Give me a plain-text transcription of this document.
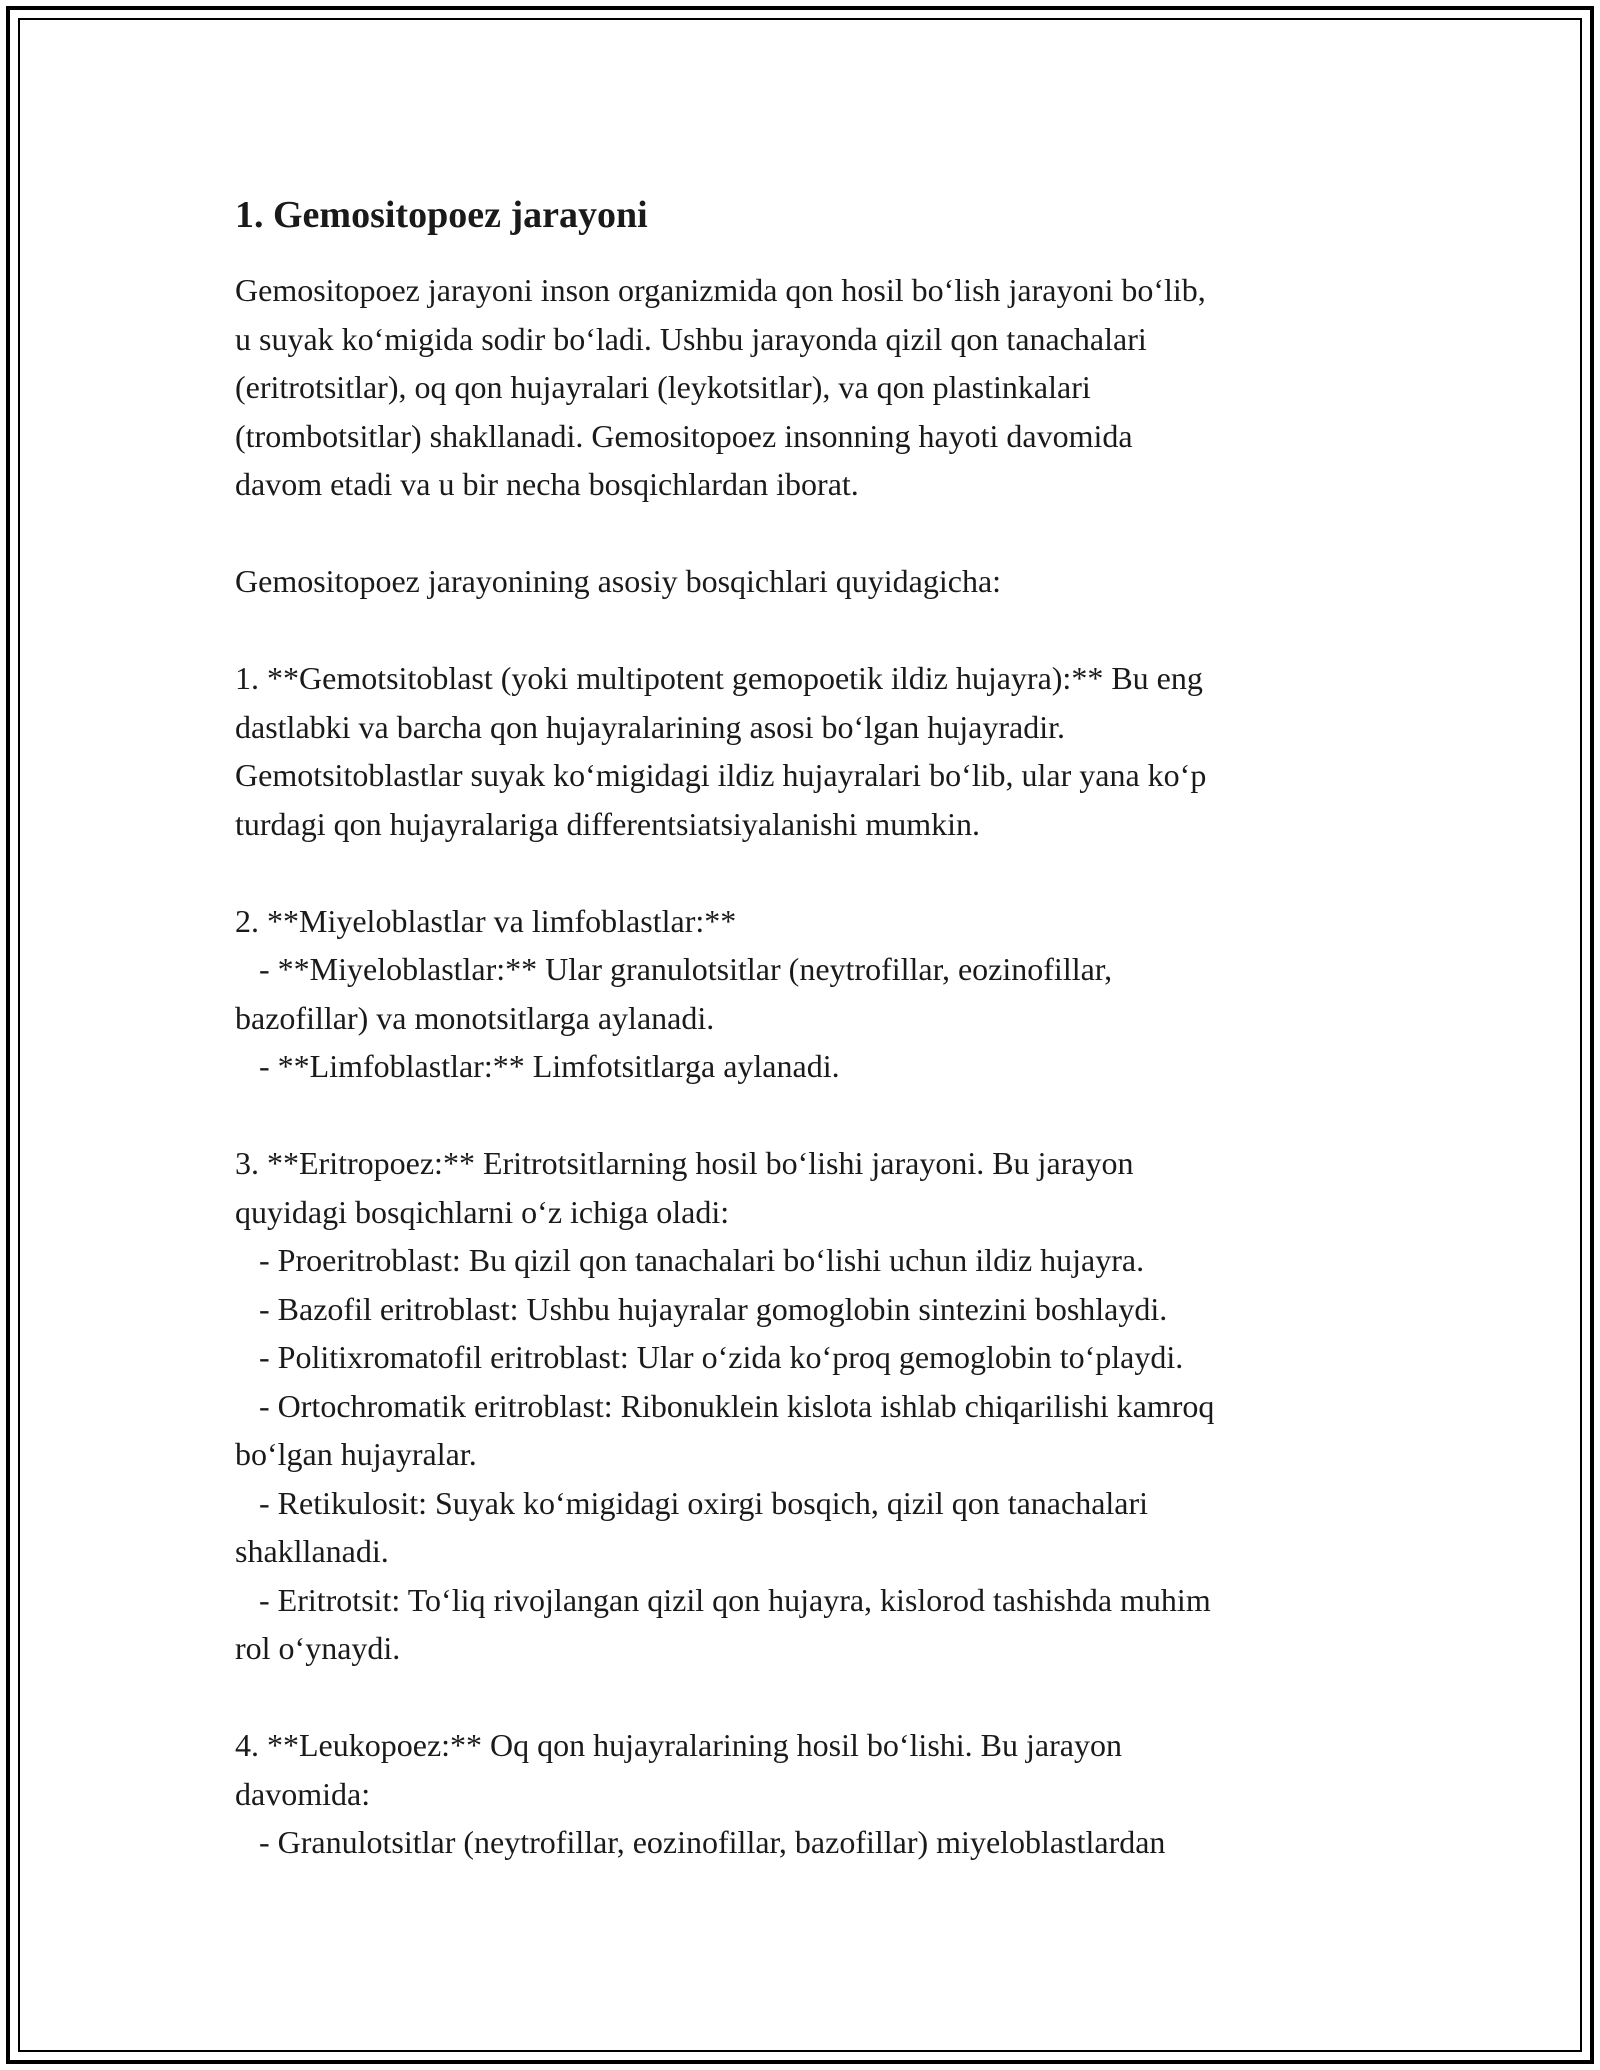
1. Gemositopoez jarayoni

Gemositopoez jarayoni inson organizmida qon hosil bo‘lish jarayoni bo‘lib,
u suyak ko‘migida sodir bo‘ladi. Ushbu jarayonda qizil qon tanachalari
(eritrotsitlar), oq qon hujayralari (leykotsitlar), va qon plastinkalari
(trombotsitlar) shakllanadi. Gemositopoez insonning hayoti davomida
davom etadi va u bir necha bosqichlardan iborat.

Gemositopoez jarayonining asosiy bosqichlari quyidagicha:

1. **Gemotsitoblast (yoki multipotent gemopoetik ildiz hujayra):** Bu eng
dastlabki va barcha qon hujayralarining asosi bo‘lgan hujayradir.
Gemotsitoblastlar suyak ko‘migidagi ildiz hujayralari bo‘lib, ular yana ko‘p
turdagi qon hujayralariga differentsiatsiyalanishi mumkin.

2. **Miyeloblastlar va limfoblastlar:**
- **Miyeloblastlar:** Ular granulotsitlar (neytrofillar, eozinofillar,
bazofillar) va monotsitlarga aylanadi.
- **Limfoblastlar:** Limfotsitlarga aylanadi.

3. **Eritropoez:** Eritrotsitlarning hosil bo‘lishi jarayoni. Bu jarayon
quyidagi bosqichlarni o‘z ichiga oladi:
- Proeritroblast: Bu qizil qon tanachalari bo‘lishi uchun ildiz hujayra.
- Bazofil eritroblast: Ushbu hujayralar gomoglobin sintezini boshlaydi.
- Politixromatofil eritroblast: Ular o‘zida ko‘proq gemoglobin to‘playdi.
- Ortochromatik eritroblast: Ribonuklein kislota ishlab chiqarilishi kamroq
bo‘lgan hujayralar.
- Retikulosit: Suyak ko‘migidagi oxirgi bosqich, qizil qon tanachalari
shakllanadi.
- Eritrotsit: To‘liq rivojlangan qizil qon hujayra, kislorod tashishda muhim
rol o‘ynaydi.

4. **Leukopoez:** Oq qon hujayralarining hosil bo‘lishi. Bu jarayon
davomida:
- Granulotsitlar (neytrofillar, eozinofillar, bazofillar) miyeloblastlardan
